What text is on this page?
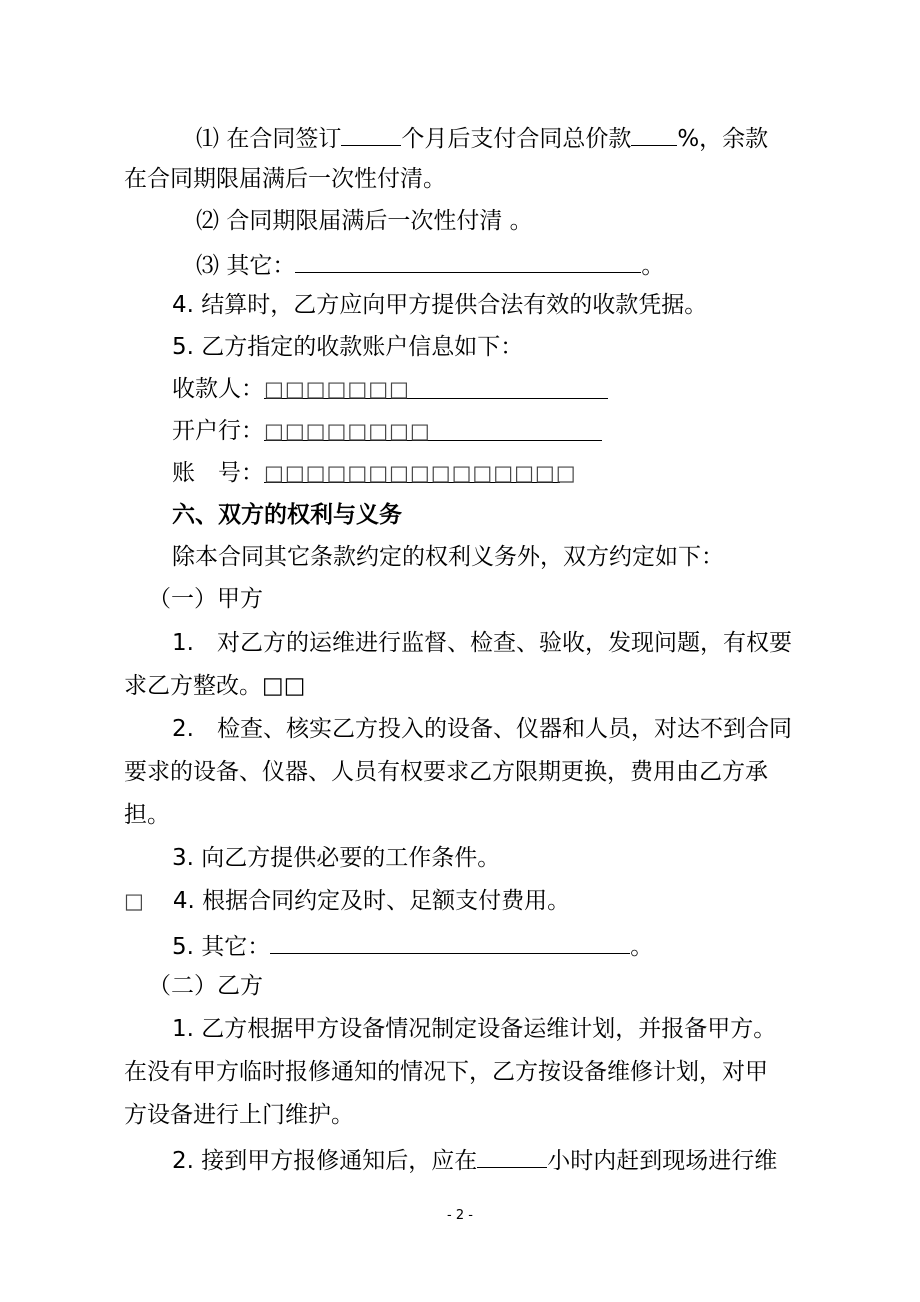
⑴ 在合同签订	个月后支付合同总价款 %，余款

在合同期限届满后一次性付清。

⑵ 合同期限届满后一次性付清 。

⑶ 其它：	。

4. 结算时，乙方应向甲方提供合法有效的收款凭据。

5. 乙方指定的收款账户信息如下：

收款人：□□□□□□□

开户行：□□□□□□□□

账　号：□□□□□□□□□□□□□□□

六、双方的权利与义务

除本合同其它条款约定的权利义务外，双方约定如下：

（一）甲方

1.　对乙方的运维进行监督、检查、验收，发现问题，有权要

求乙方整改。□□

2.　检查、核实乙方投入的设备、仪器和人员，对达不到合同

要求的设备、仪器、人员有权要求乙方限期更换，费用由乙方承

担。

3. 向乙方提供必要的工作条件。

□ 4. 根据合同约定及时、足额支付费用。

5. 其它：	。

（二）乙方

1. 乙方根据甲方设备情况制定设备运维计划，并报备甲方。

在没有甲方临时报修通知的情况下，乙方按设备维修计划，对甲

方设备进行上门维护。

2. 接到甲方报修通知后，应在	小时内赶到现场进行维

- 2 -
